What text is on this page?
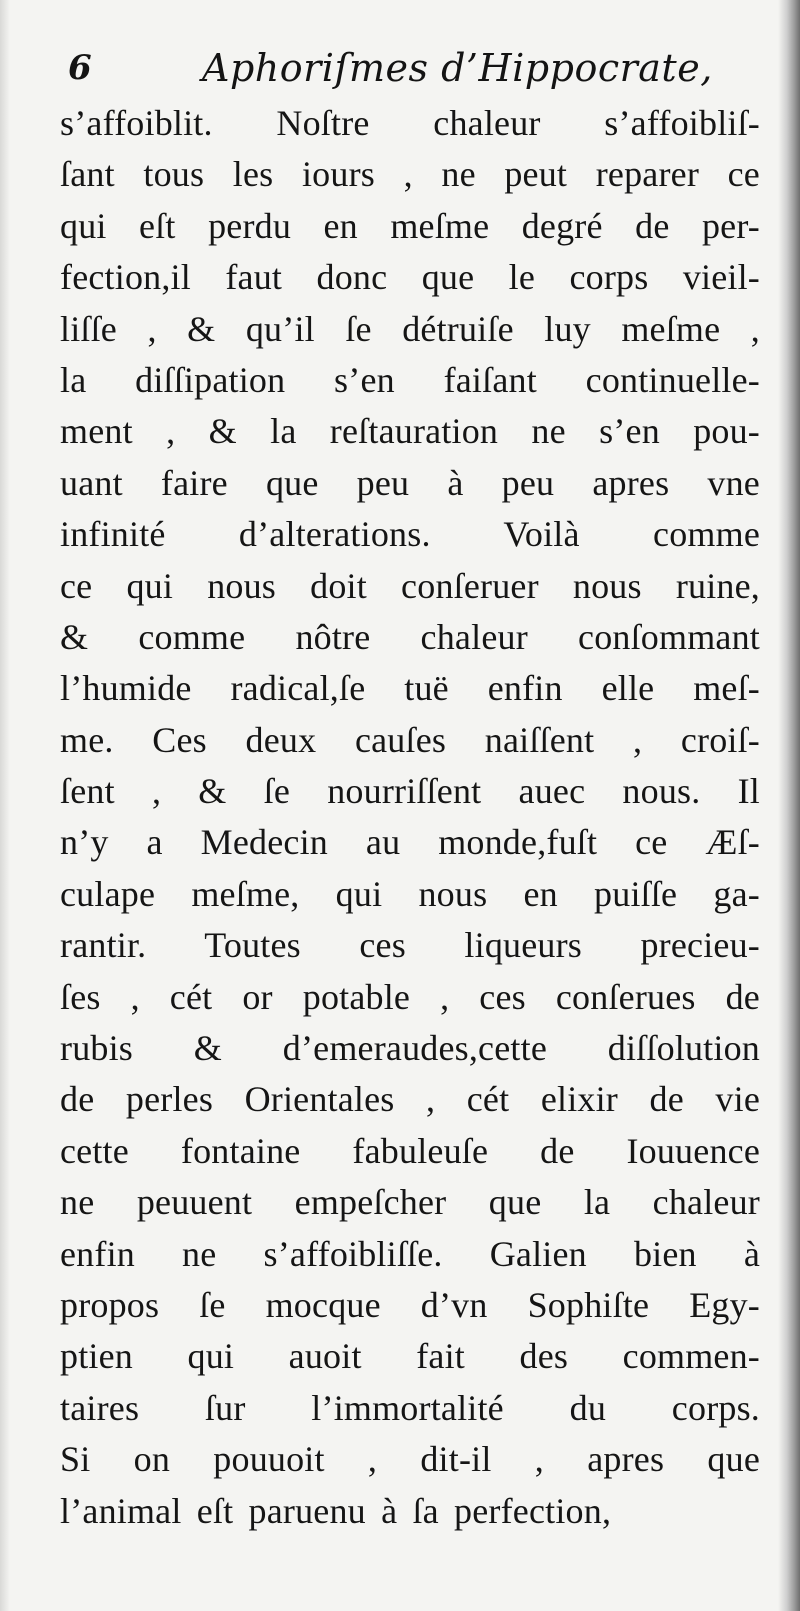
6	Aphoriſmes d’Hippocrate,
s’affoiblit. Noſtre chaleur s’affoibliſ-
ſant tous les iours , ne peut reparer ce
qui eſt perdu en meſme degré de per-
fection,il faut donc que le corps vieil-
liſſe , & qu’il ſe détruiſe luy meſme ,
la diſſipation s’en faiſant continuelle-
ment , & la reſtauration ne s’en pou-
uant faire que peu à peu apres vne
infinité d’alterations. Voilà comme
ce qui nous doit conſeruer nous ruine,
& comme nôtre chaleur conſommant
l’humide radical,ſe tuë enfin elle meſ-
me. Ces deux cauſes naiſſent , croiſ-
ſent , & ſe nourriſſent auec nous. Il
n’y a Medecin au monde,fuſt ce Æſ-
culape meſme, qui nous en puiſſe ga-
rantir. Toutes ces liqueurs precieu-
ſes , cét or potable , ces conſerues de
rubis & d’emeraudes,cette diſſolution
de perles Orientales , cét elixir de vie
cette fontaine fabuleuſe de Iouuence
ne peuuent empeſcher que la chaleur
enfin ne s’affoibliſſe. Galien bien à
propos ſe mocque d’vn Sophiſte Egy-
ptien qui auoit fait des commen-
taires ſur l’immortalité du corps.
Si on pouuoit , dit-il , apres que
l’animal eſt paruenu à ſa perfection,
